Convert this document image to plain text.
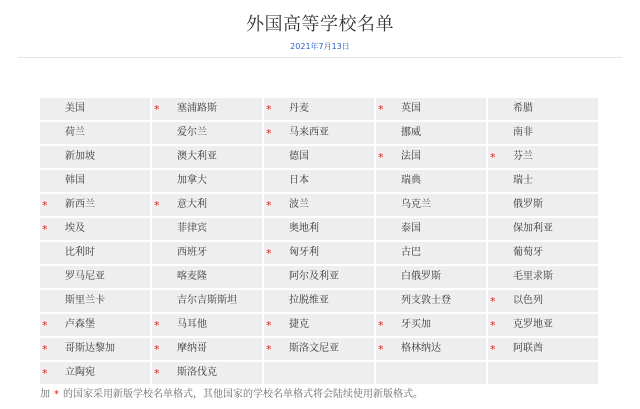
外国高等学校名单
2021年7月13日
美国	* 塞浦路斯	* 丹麦	* 英国	希腊
荷兰	爱尔兰	* 马来西亚	挪威	南非
新加坡	澳大利亚	德国	* 法国	* 芬兰
韩国	加拿大	日本	瑞典	瑞士
* 新西兰	* 意大利	* 波兰	乌克兰	俄罗斯
* 埃及	菲律宾	奥地利	泰国	保加利亚
比利时	西班牙	* 匈牙利	古巴	葡萄牙
罗马尼亚	喀麦隆	阿尔及利亚	白俄罗斯	毛里求斯
斯里兰卡	吉尔吉斯斯坦	拉脱维亚	列支敦士登	* 以色列
* 卢森堡	* 马耳他	* 捷克	* 牙买加	* 克罗地亚
* 哥斯达黎加	* 摩纳哥	* 斯洛文尼亚	* 格林纳达	* 阿联酋
* 立陶宛	* 斯洛伐克
加 * 的国家采用新版学校名单格式，其他国家的学校名单格式将会陆续使用新版格式。
